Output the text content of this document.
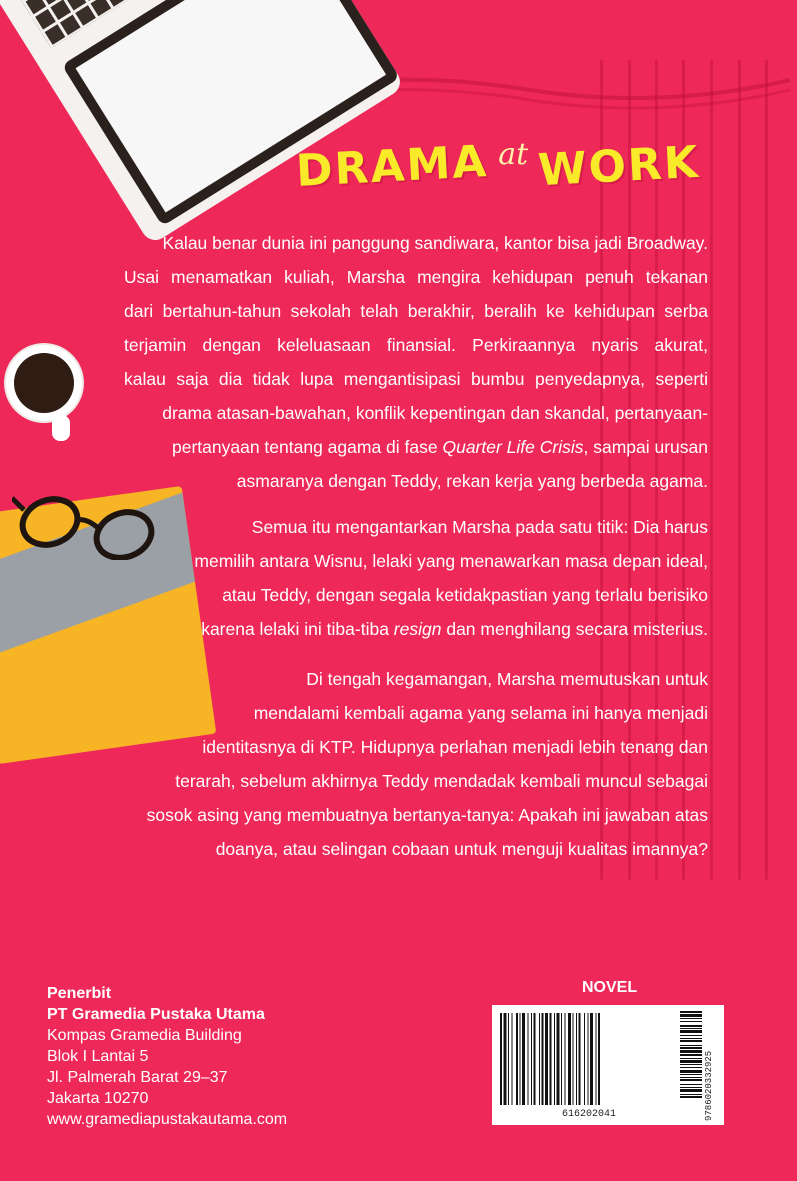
DRAMA at WORK
Kalau benar dunia ini panggung sandiwara, kantor bisa jadi Broadway.
Usai menamatkan kuliah, Marsha mengira kehidupan penuh tekanan
dari bertahun-tahun sekolah telah berakhir, beralih ke kehidupan serba
terjamin dengan keleluasaan finansial. Perkiraannya nyaris akurat,
kalau saja dia tidak lupa mengantisipasi bumbu penyedapnya, seperti
drama atasan-bawahan, konflik kepentingan dan skandal, pertanyaan-
pertanyaan tentang agama di fase Quarter Life Crisis, sampai urusan
asmaranya dengan Teddy, rekan kerja yang berbeda agama.
Semua itu mengantarkan Marsha pada satu titik: Dia harus
memilih antara Wisnu, lelaki yang menawarkan masa depan ideal,
atau Teddy, dengan segala ketidakpastian yang terlalu berisiko
karena lelaki ini tiba-tiba resign dan menghilang secara misterius.
Di tengah kegamangan, Marsha memutuskan untuk
mendalami kembali agama yang selama ini hanya menjadi
identitasnya di KTP. Hidupnya perlahan menjadi lebih tenang dan
terarah, sebelum akhirnya Teddy mendadak kembali muncul sebagai
sosok asing yang membuatnya bertanya-tanya: Apakah ini jawaban atas
doanya, atau selingan cobaan untuk menguji kualitas imannya?
Penerbit
PT Gramedia Pustaka Utama
Kompas Gramedia Building
Blok I Lantai 5
Jl. Palmerah Barat 29–37
Jakarta 10270
www.gramediapustakautama.com
NOVEL
616202041	9786020332925
